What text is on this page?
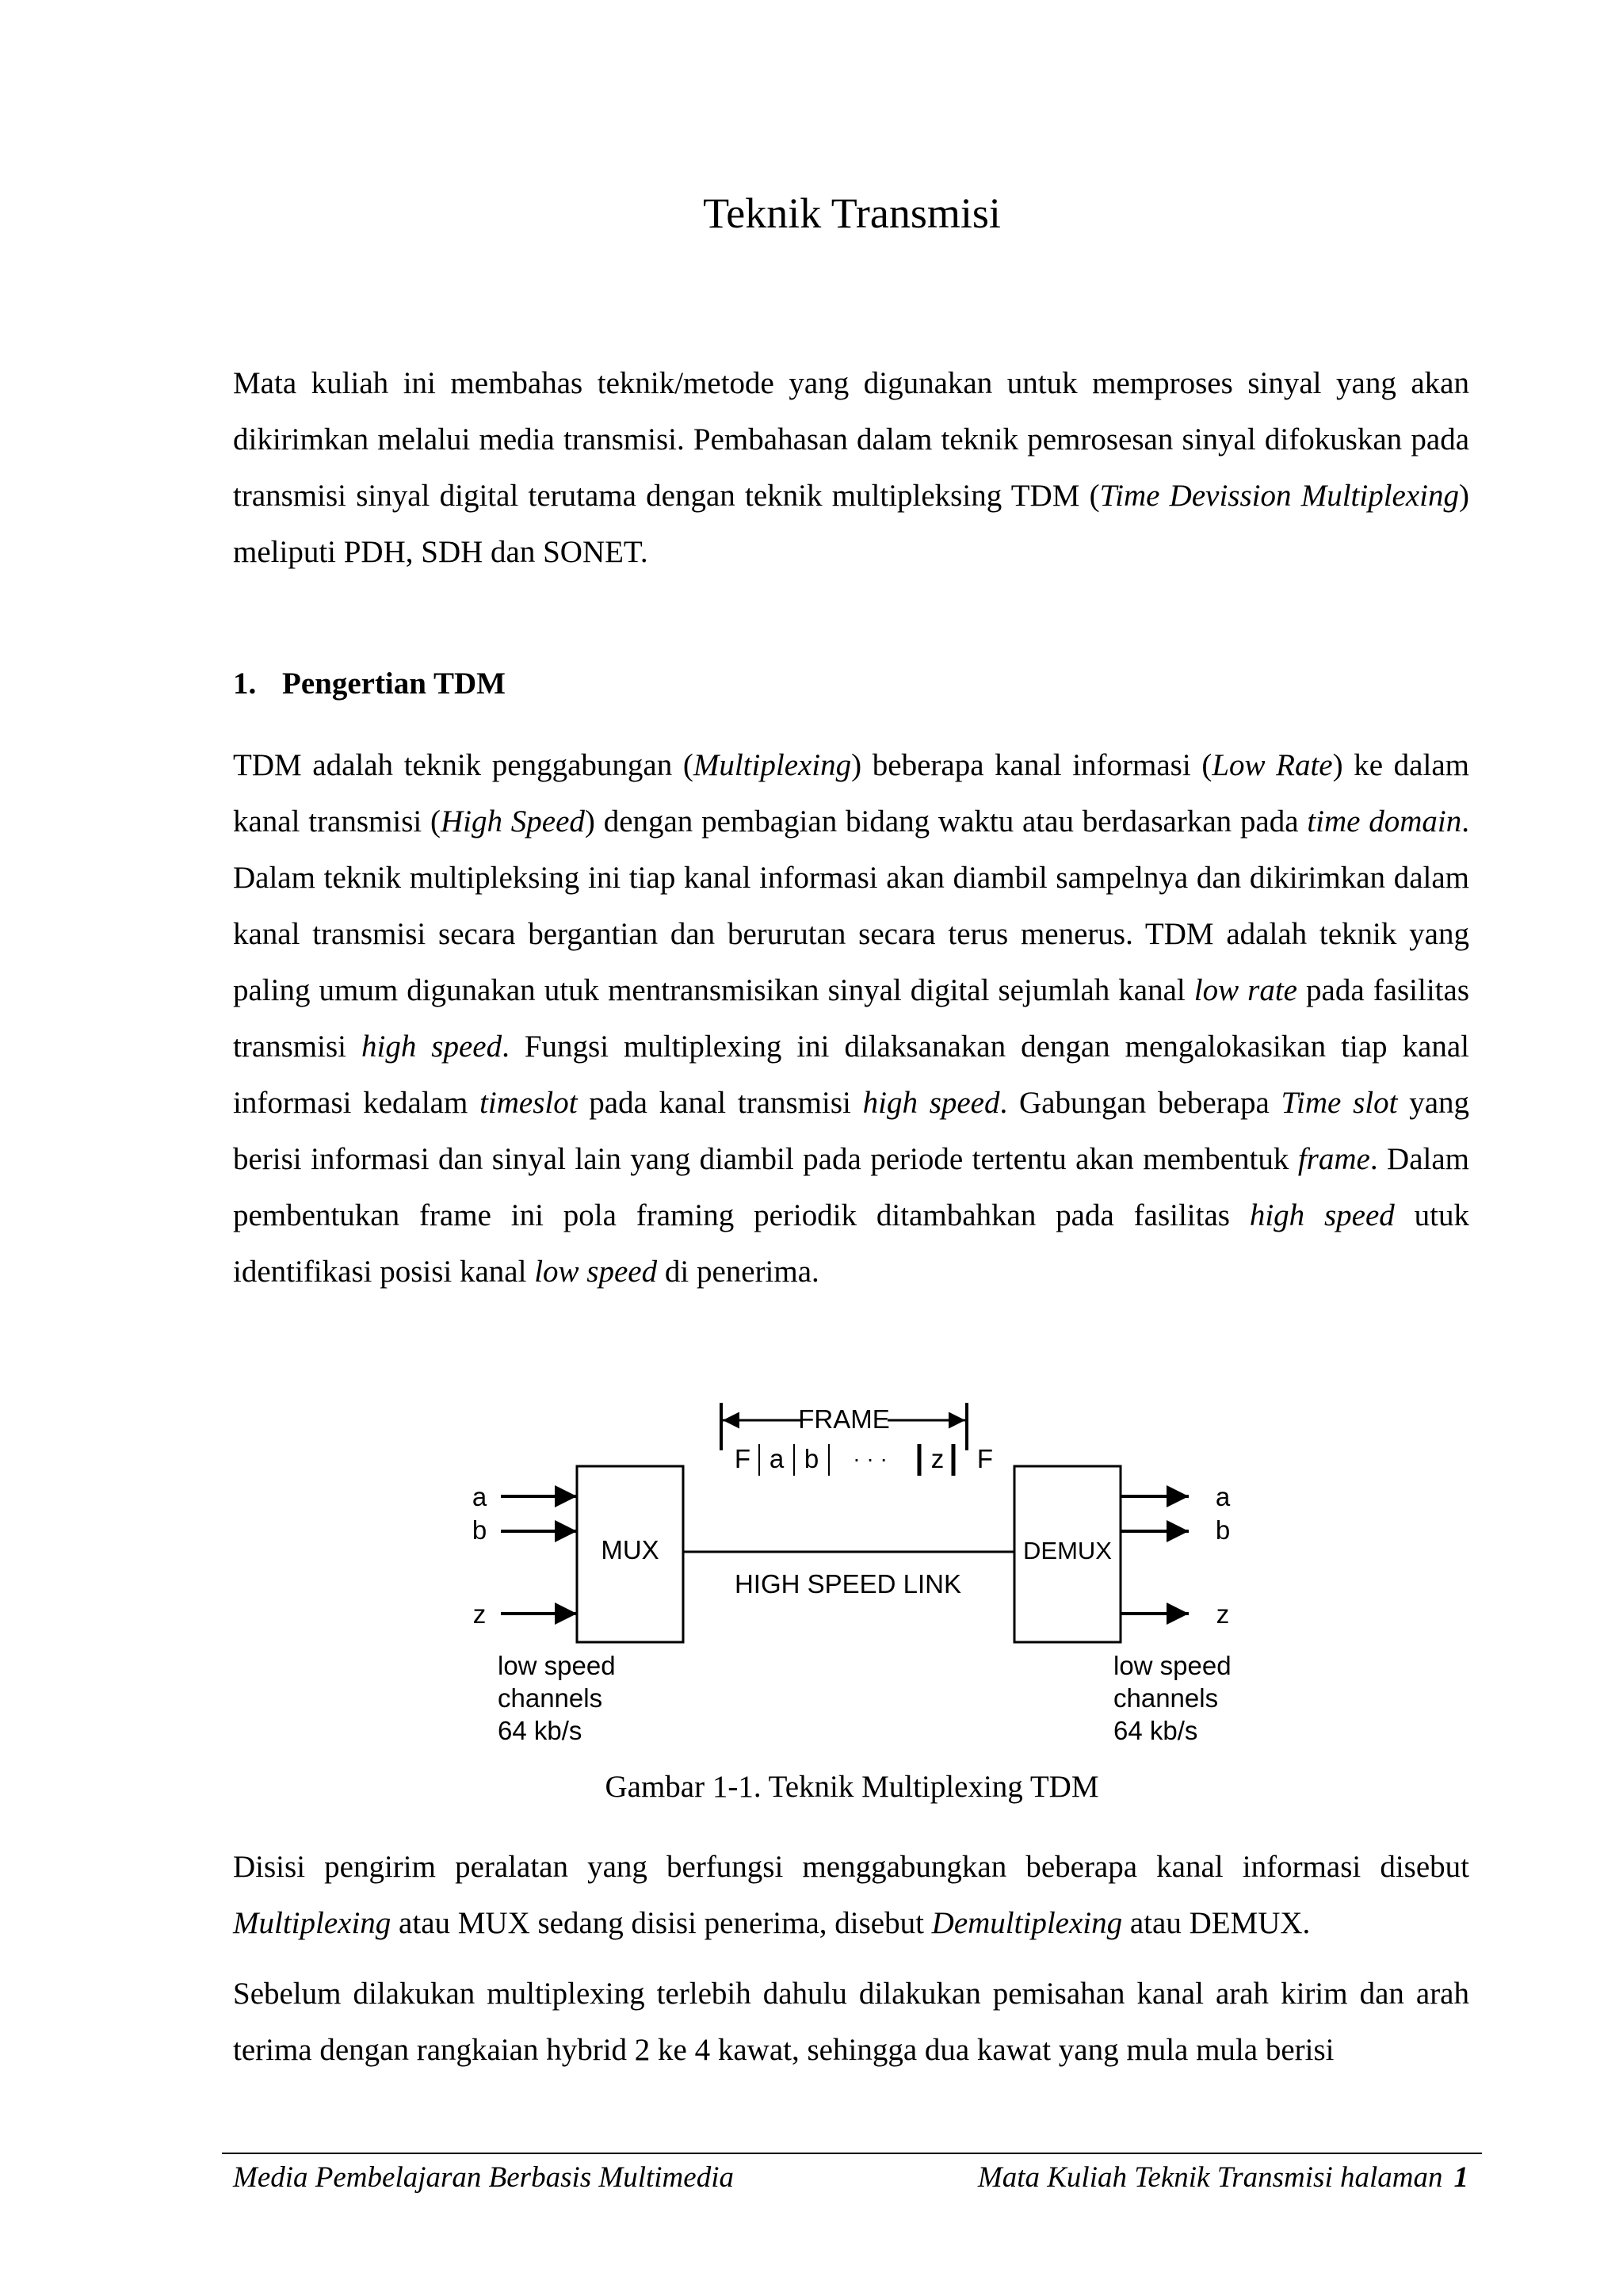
Teknik Transmisi

Mata kuliah ini membahas teknik/metode yang digunakan untuk memproses sinyal yang akan dikirimkan melalui media transmisi. Pembahasan dalam teknik pemrosesan sinyal difokuskan pada transmisi sinyal digital terutama dengan teknik multipleksing TDM (Time Devission Multiplexing) meliputi PDH, SDH dan SONET.

1. Pengertian TDM

TDM adalah teknik penggabungan (Multiplexing) beberapa kanal informasi (Low Rate) ke dalam kanal transmisi (High Speed) dengan pembagian bidang waktu atau berdasarkan pada time domain. Dalam teknik multipleksing ini tiap kanal informasi akan diambil sampelnya dan dikirimkan dalam kanal transmisi secara bergantian dan berurutan secara terus menerus. TDM adalah teknik yang paling umum digunakan utuk mentransmisikan sinyal digital sejumlah kanal low rate pada fasilitas transmisi high speed. Fungsi multiplexing ini dilaksanakan dengan mengalokasikan tiap kanal informasi kedalam timeslot pada kanal transmisi high speed. Gabungan beberapa Time slot yang berisi informasi dan sinyal lain yang diambil pada periode tertentu akan membentuk frame. Dalam pembentukan frame ini pola framing periodik ditambahkan pada fasilitas high speed utuk identifikasi posisi kanal low speed di penerima.

FRAME
F a b · · · z F
a
b
z
MUX
HIGH SPEED LINK
DEMUX
a
b
z
low speed
channels
64 kb/s
low speed
channels
64 kb/s

Gambar 1-1. Teknik Multiplexing TDM

Disisi pengirim peralatan yang berfungsi menggabungkan beberapa kanal informasi disebut Multiplexing atau MUX sedang disisi penerima, disebut Demultiplexing atau DEMUX.

Sebelum dilakukan multiplexing terlebih dahulu dilakukan pemisahan kanal arah kirim dan arah terima dengan rangkaian hybrid 2 ke 4 kawat, sehingga dua kawat yang mula mula berisi

Media Pembelajaran Berbasis Multimedia	Mata Kuliah Teknik Transmisi halaman 1
